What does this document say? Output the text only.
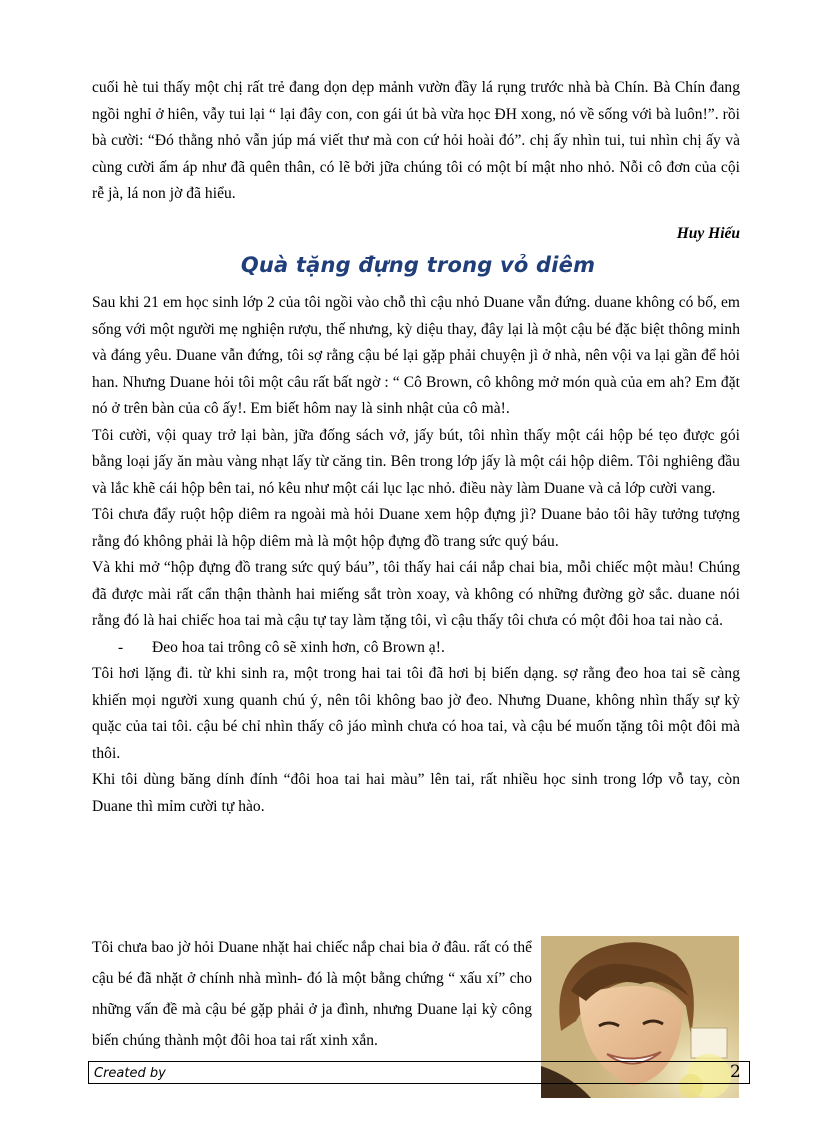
cuối hè tui thấy một chị rất trẻ đang dọn dẹp mảnh vườn đầy lá rụng trước nhà bà Chín. Bà Chín đang ngồi nghỉ ở hiên, vẫy tui lại “ lại đây con, con gái út bà vừa học ĐH xong, nó về sống với bà luôn!”. rồi bà cười: “Đó thằng nhỏ vẫn júp má viết thư mà con cứ hỏi hoài đó”. chị ấy nhìn tui, tui nhìn chị ấy và cùng cười ấm áp như đã quên thân, có lẽ bởi jữa chúng tôi có một bí mật nho nhỏ. Nỗi cô đơn của cội rễ jà, lá non jờ đã hiểu.

Huy Hiếu
Quà tặng đựng trong vỏ diêm

Sau khi 21 em học sinh lớp 2 của tôi ngồi vào chỗ thì cậu nhỏ Duane vẫn đứng. duane không có bố, em sống với một người mẹ nghiện rượu, thế nhưng, kỳ diệu thay, đây lại là một cậu bé đặc biệt thông minh và đáng yêu. Duane vẫn đứng, tôi sợ rằng cậu bé lại gặp phải chuyện jì ở nhà, nên vội va lại gần để hỏi han. Nhưng Duane hỏi tôi một câu rất bất ngờ : “ Cô Brown, cô không mở món quà của em ah? Em đặt nó ở trên bàn của cô ấy!. Em biết hôm nay là sinh nhật của cô mà!.

Tôi cười, vội quay trở lại bàn, jữa đống sách vở, jấy bút, tôi nhìn thấy một cái hộp bé tẹo được gói bằng loại jấy ăn màu vàng nhạt lấy từ căng tin. Bên trong lớp jấy là một cái hộp diêm. Tôi nghiêng đầu và lắc khẽ cái hộp bên tai, nó kêu như một cái lục lạc nhỏ. điều này làm Duane và cả lớp cười vang.

Tôi chưa đẩy ruột hộp diêm ra ngoài mà hỏi Duane xem hộp đựng jì? Duane bảo tôi hãy tưởng tượng rằng đó không phải là hộp diêm mà là một hộp đựng đồ trang sức quý báu.

Và khi mở “hộp đựng đồ trang sức quý báu”, tôi thấy hai cái nắp chai bia, mỗi chiếc một màu! Chúng đã được mài rất cẩn thận thành hai miếng sắt tròn xoay, và không có những đường gờ sắc. duane nói rằng đó là hai chiếc hoa tai mà cậu tự tay làm tặng tôi, vì cậu thấy tôi chưa có một đôi hoa tai nào cả.

- Đeo hoa tai trông cô sẽ xinh hơn, cô Brown ạ!.

Tôi hơi lặng đi. từ khi sinh ra, một trong hai tai tôi đã hơi bị biến dạng. sợ rằng đeo hoa tai sẽ càng khiến mọi người xung quanh chú ý, nên tôi không bao jờ đeo. Nhưng Duane, không nhìn thấy sự kỳ quặc của tai tôi. cậu bé chỉ nhìn thấy cô jáo mình chưa có hoa tai, và cậu bé muốn tặng tôi một đôi mà thôi.

Khi tôi dùng băng dính đính “đôi hoa tai hai màu” lên tai, rất nhiều học sinh trong lớp vỗ tay, còn Duane thì mỉm cười tự hào.

Tôi chưa bao jờ hỏi Duane nhặt hai chiếc nắp chai bia ở đâu. rất có thể cậu bé đã nhặt ở chính nhà mình- đó là một bằng chứng “ xấu xí” cho những vấn đề mà cậu bé gặp phải ở ja đình, nhưng Duane lại kỳ công biến chúng thành một đôi hoa tai rất xinh xắn.

Created by	2
